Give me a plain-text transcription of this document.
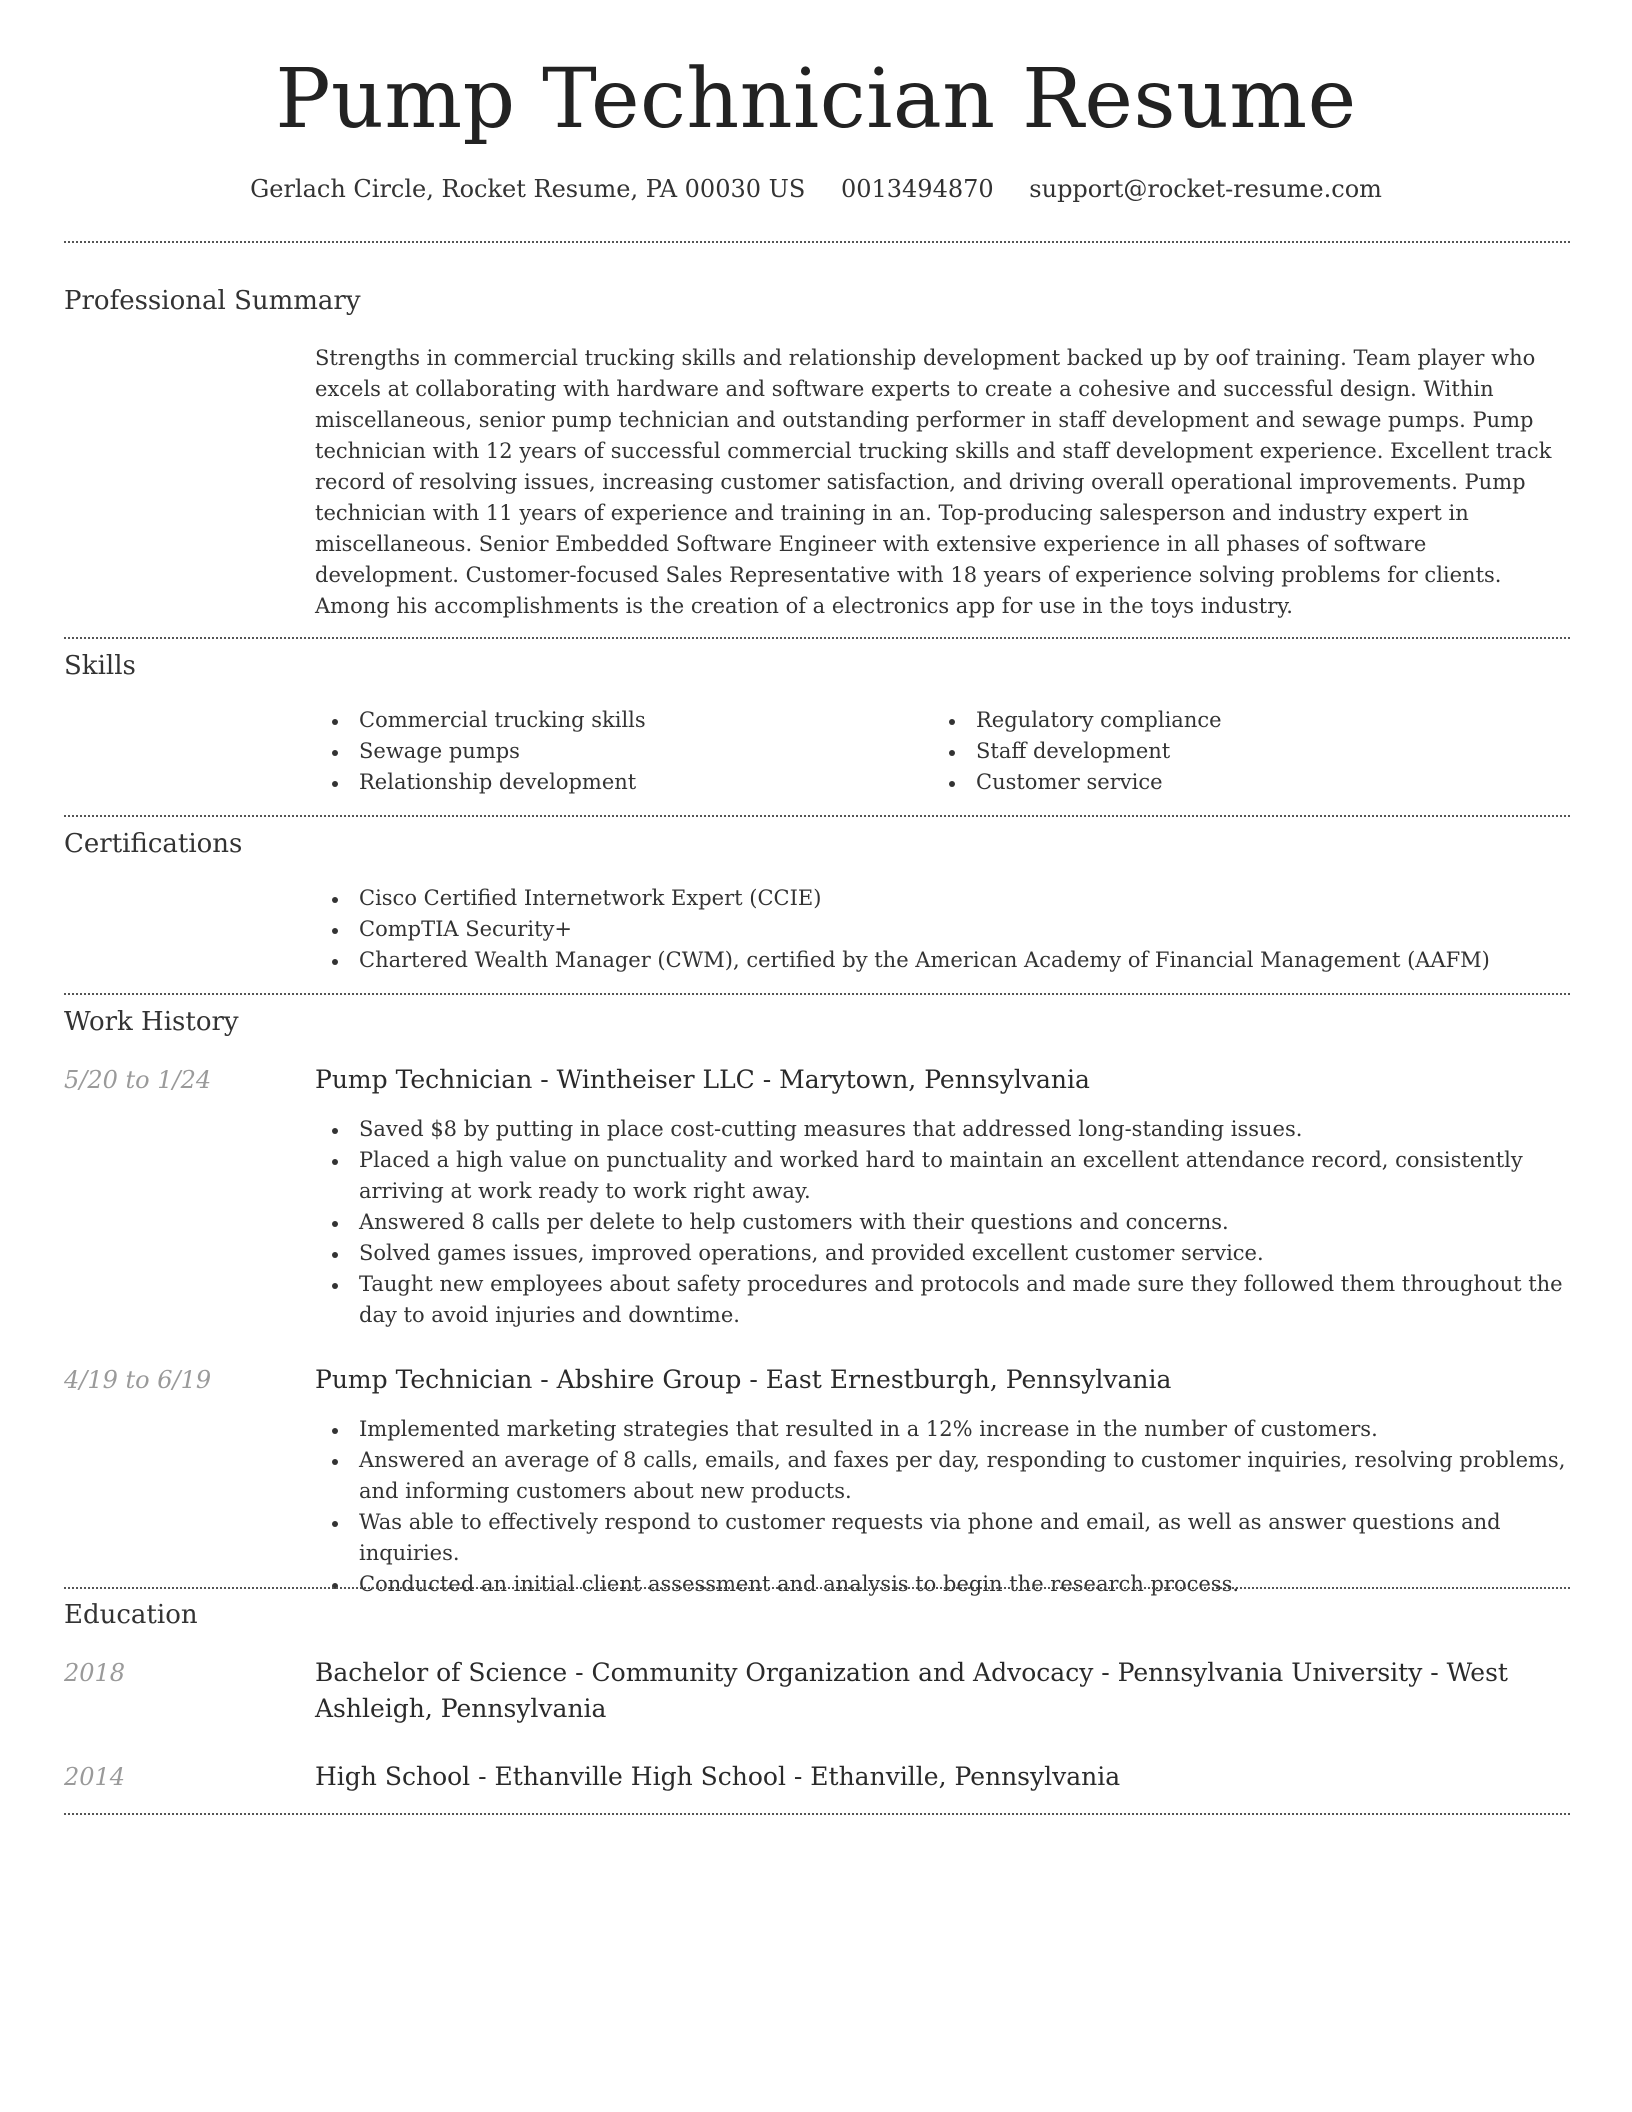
Pump Technician Resume
Gerlach Circle, Rocket Resume, PA 00030 US 0013494870 support@rocket-resume.com
Professional Summary
Strengths in commercial trucking skills and relationship development backed up by oof training. Team player who excels at collaborating with hardware and software experts to create a cohesive and successful design. Within miscellaneous, senior pump technician and outstanding performer in staff development and sewage pumps. Pump technician with 12 years of successful commercial trucking skills and staff development experience. Excellent track record of resolving issues, increasing customer satisfaction, and driving overall operational improvements. Pump technician with 11 years of experience and training in an. Top-producing salesperson and industry expert in miscellaneous. Senior Embedded Software Engineer with extensive experience in all phases of software development. Customer-focused Sales Representative with 18 years of experience solving problems for clients. Among his accomplishments is the creation of a electronics app for use in the toys industry.
Skills
Commercial trucking skills
Sewage pumps
Relationship development
Regulatory compliance
Staff development
Customer service
Certifications
Cisco Certified Internetwork Expert (CCIE)
CompTIA Security+
Chartered Wealth Manager (CWM), certified by the American Academy of Financial Management (AAFM)
Work History
5/20 to 1/24	Pump Technician - Wintheiser LLC - Marytown, Pennsylvania
Saved $8 by putting in place cost-cutting measures that addressed long-standing issues.
Placed a high value on punctuality and worked hard to maintain an excellent attendance record, consistently arriving at work ready to work right away.
Answered 8 calls per delete to help customers with their questions and concerns.
Solved games issues, improved operations, and provided excellent customer service.
Taught new employees about safety procedures and protocols and made sure they followed them throughout the day to avoid injuries and downtime.
4/19 to 6/19	Pump Technician - Abshire Group - East Ernestburgh, Pennsylvania
Implemented marketing strategies that resulted in a 12% increase in the number of customers.
Answered an average of 8 calls, emails, and faxes per day, responding to customer inquiries, resolving problems, and informing customers about new products.
Was able to effectively respond to customer requests via phone and email, as well as answer questions and inquiries.
Conducted an initial client assessment and analysis to begin the research process.
Education
2018	Bachelor of Science - Community Organization and Advocacy - Pennsylvania University - West Ashleigh, Pennsylvania
2014	High School - Ethanville High School - Ethanville, Pennsylvania
